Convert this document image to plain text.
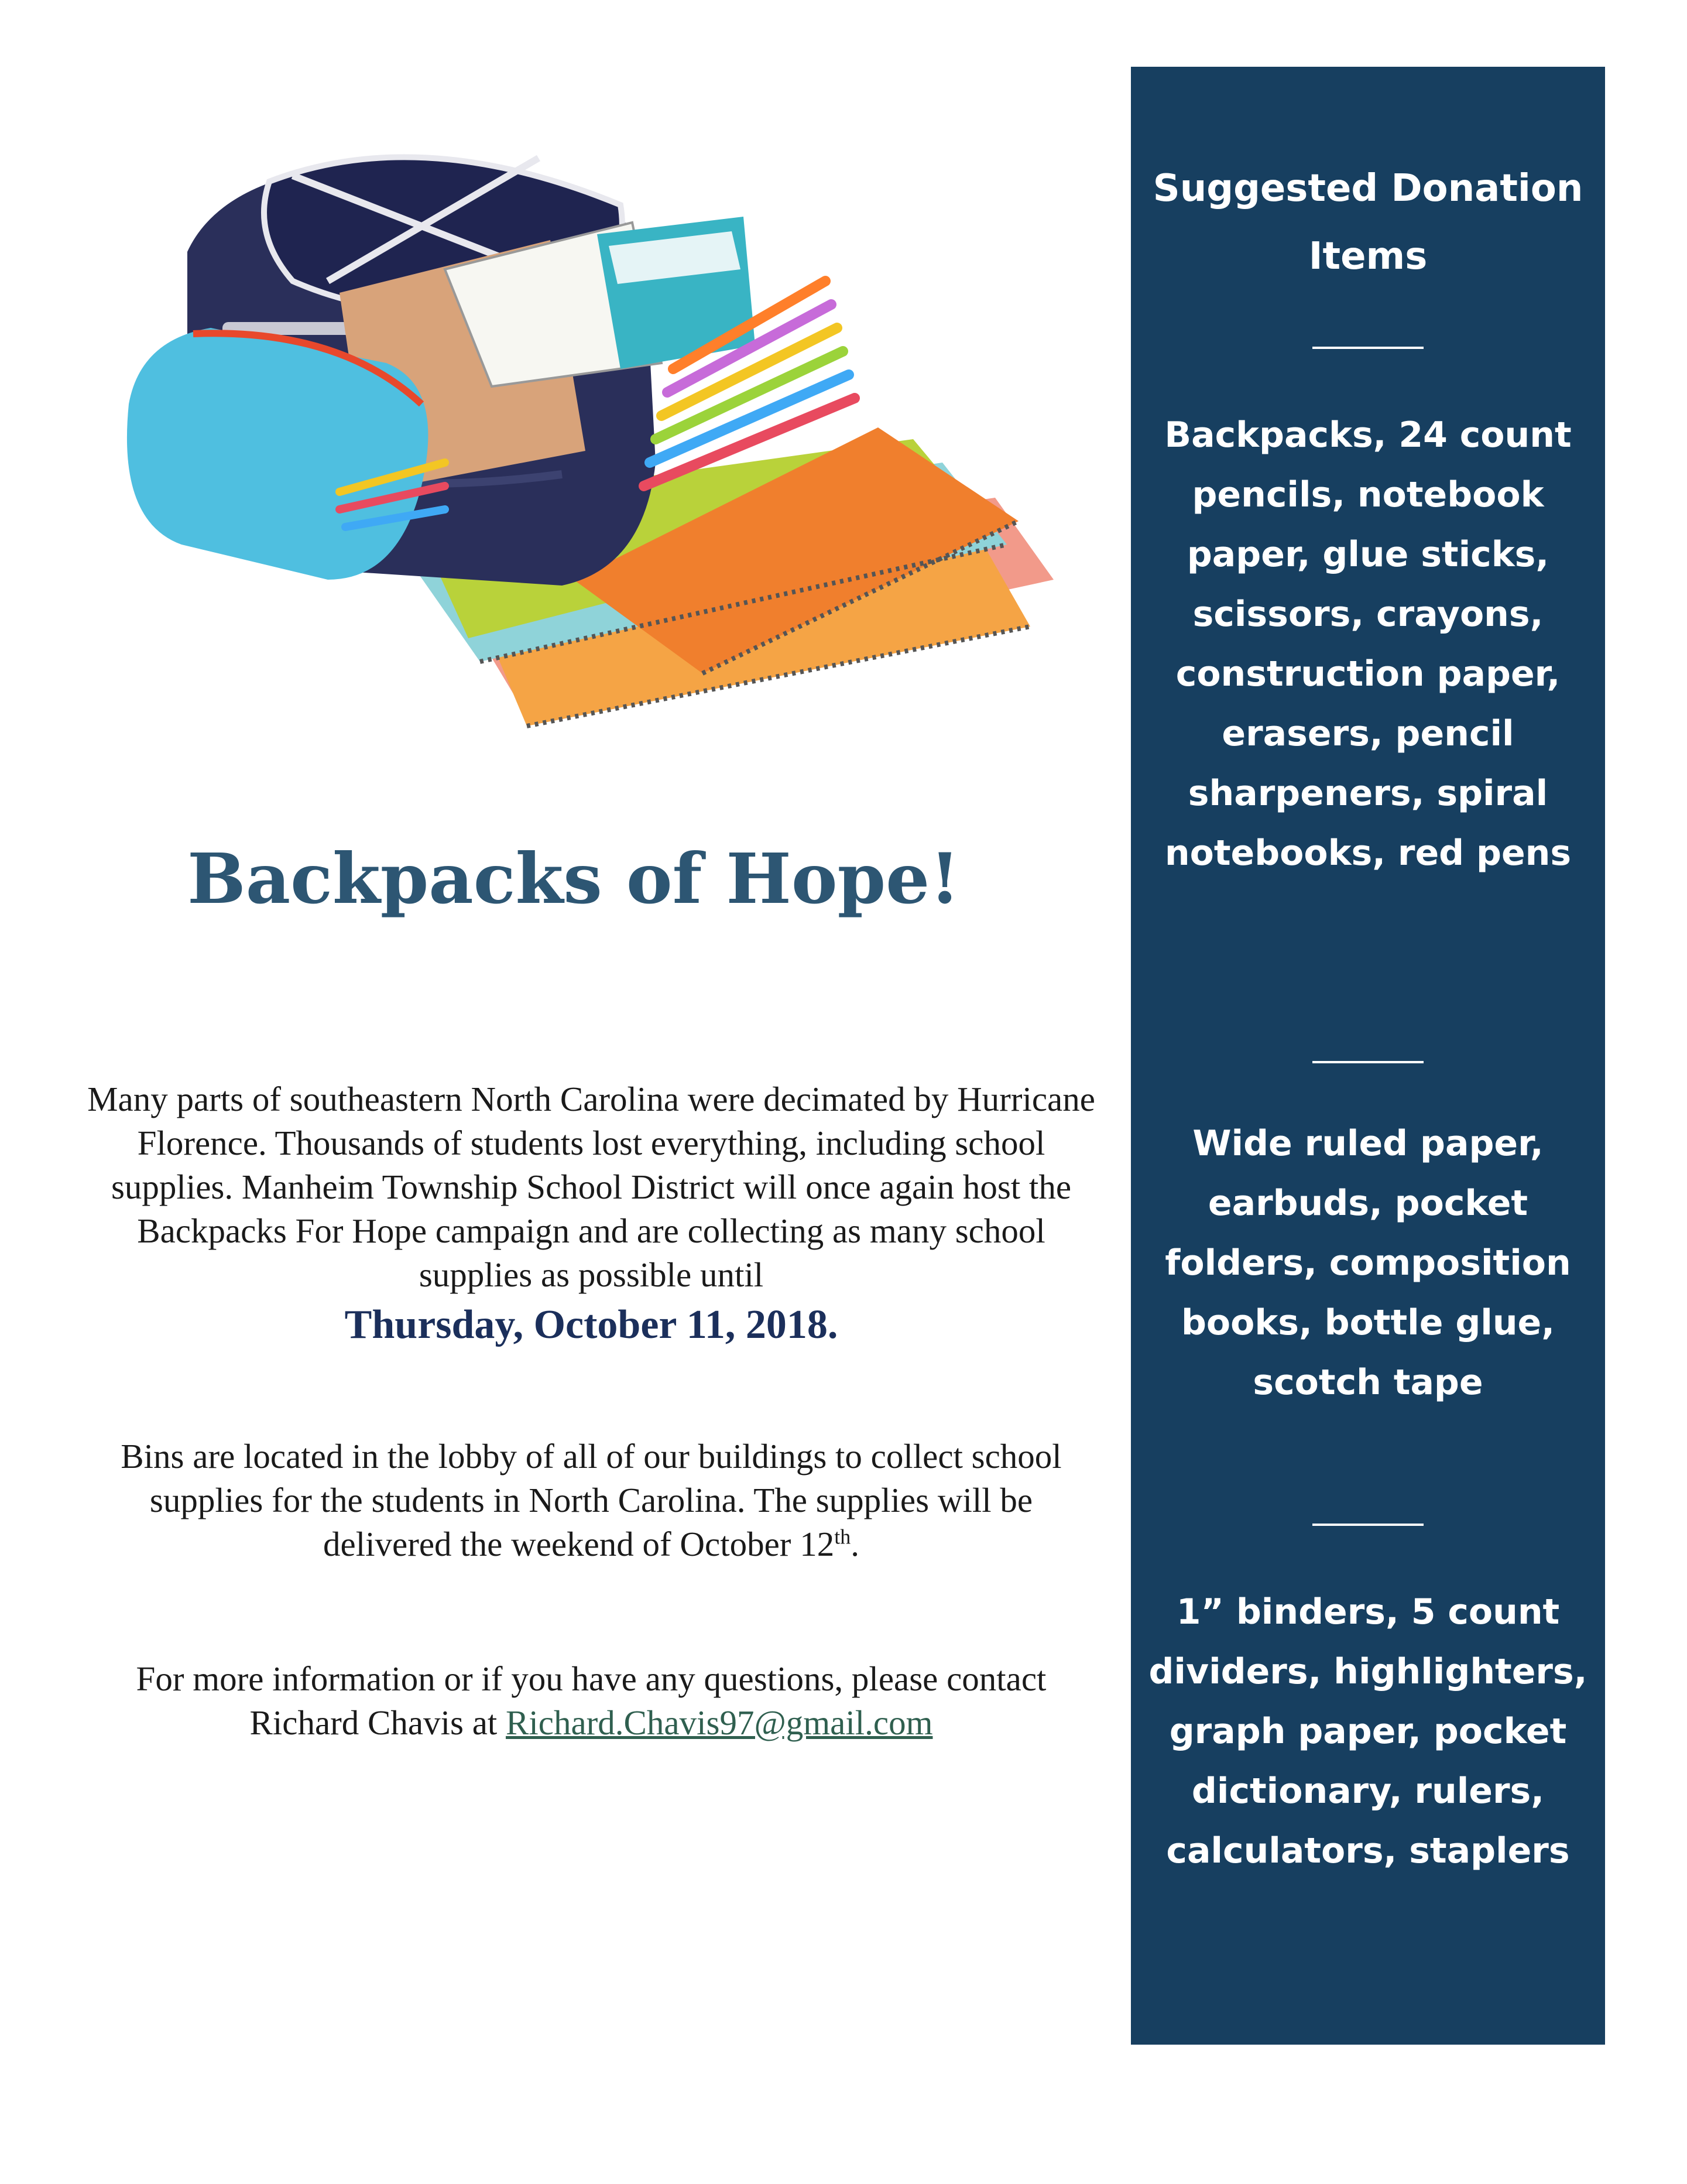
Backpacks of Hope!

Many parts of southeastern North Carolina were decimated by Hurricane Florence. Thousands of students lost everything, including school supplies. Manheim Township School District will once again host the Backpacks For Hope campaign and are collecting as many school supplies as possible until
Thursday, October 11, 2018.

Bins are located in the lobby of all of our buildings to collect school supplies for the students in North Carolina. The supplies will be delivered the weekend of October 12th.

For more information or if you have any questions, please contact Richard Chavis at Richard.Chavis97@gmail.com

Suggested Donation Items

Backpacks, 24 count pencils, notebook paper, glue sticks, scissors, crayons, construction paper, erasers, pencil sharpeners, spiral notebooks, red pens

Wide ruled paper, earbuds, pocket folders, composition books, bottle glue, scotch tape

1” binders, 5 count dividers, highlighters, graph paper, pocket dictionary, rulers, calculators, staplers
